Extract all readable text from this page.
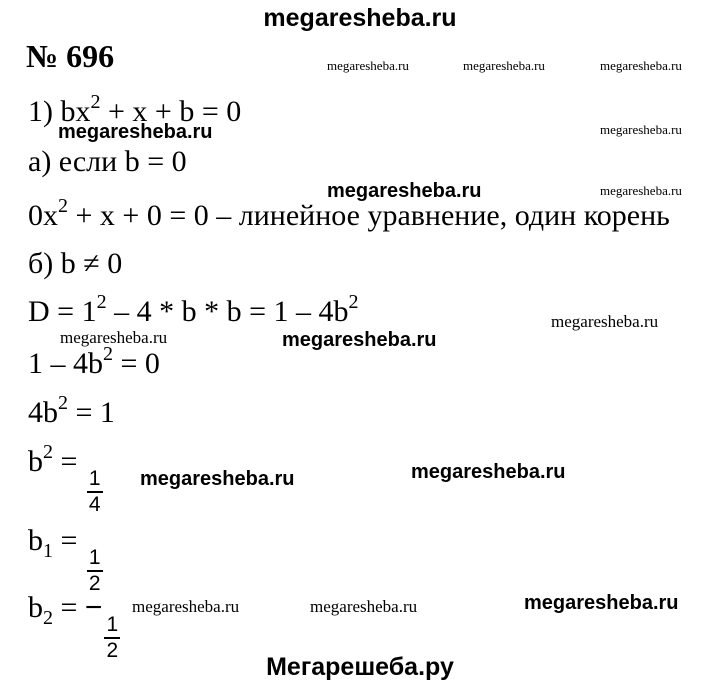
megaresheba.ru
№ 696
1) $bx^2 + x + b = 0$
а) если b = 0
$0x^2 + x + 0 = 0$ – линейное уравнение, один корень
б) b ≠ 0
$D = 1^2 - 4 * b * b = 1 - 4b^2$
$1 - 4b^2 = 0$
$4b^2 = 1$
$b^2$ =
$\frac{1}{4}$
$b_1$ =
$\frac{1}{2}$
$b_2$ = −
$\frac{1}{2}$
megaresheba.ru	megaresheba.ru	megaresheba.ru
megaresheba.ru	megaresheba.ru
megaresheba.ru	megaresheba.ru
megaresheba.ru
megaresheba.ru	megaresheba.ru
megaresheba.ru	megaresheba.ru
megaresheba.ru	megaresheba.ru	megaresheba.ru
Мегарешеба.ру
